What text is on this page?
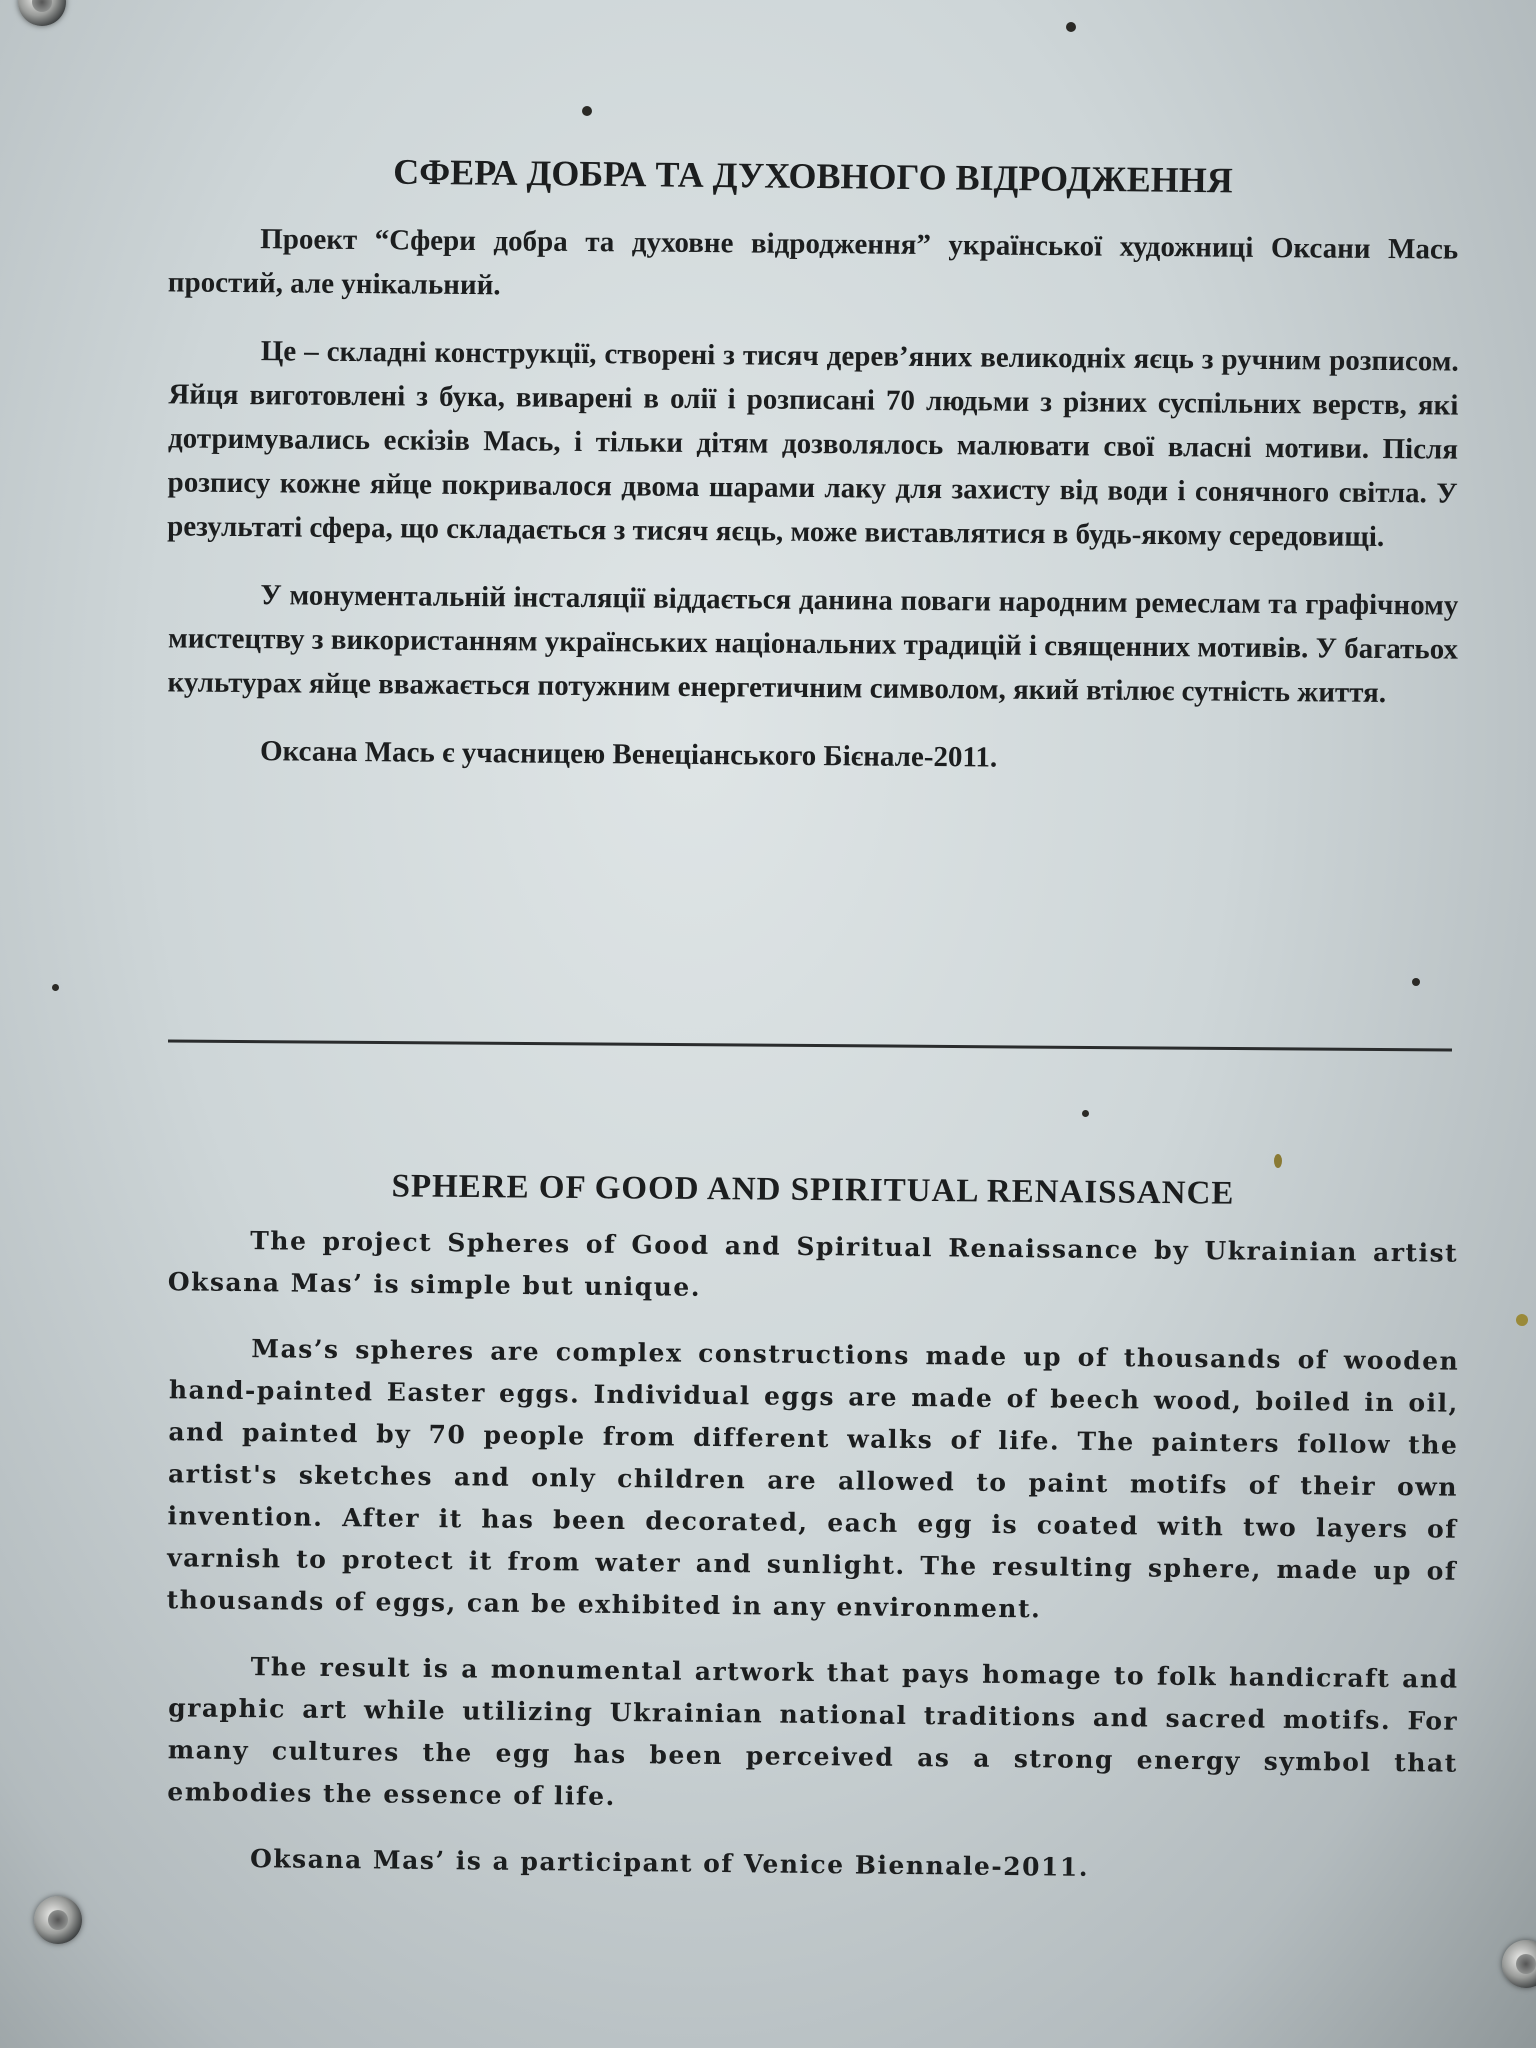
СФЕРА ДОБРА ТА ДУХОВНОГО ВІДРОДЖЕННЯ

Проект “Сфери добра та духовне відродження” української художниці Оксани Мась простий, але унікальний.

Це – складні конструкції, створені з тисяч дерев’яних великодніх яєць з ручним розписом. Яйця виготовлені з бука, виварені в олії і розписані 70 людьми з різних суспільних верств, які дотримувались ескізів Мась, і тільки дітям дозволялось малювати свої власні мотиви. Після розпису кожне яйце покривалося двома шарами лаку для захисту від води і сонячного світла. У результаті сфера, що складається з тисяч яєць, може виставлятися в будь-якому середовищі.

У монументальній інсталяції віддається данина поваги народним ремеслам та графічному мистецтву з використанням українських національних традицій і священних мотивів. У багатьох культурах яйце вважається потужним енергетичним символом, який втілює сутність життя.

Оксана Мась є учасницею Венеціанського Бієнале-2011.

SPHERE OF GOOD AND SPIRITUAL RENAISSANCE

The project Spheres of Good and Spiritual Renaissance by Ukrainian artist Oksana Mas’ is simple but unique.

Mas’s spheres are complex constructions made up of thousands of wooden hand-painted Easter eggs. Individual eggs are made of beech wood, boiled in oil, and painted by 70 people from different walks of life. The painters follow the artist's sketches and only children are allowed to paint motifs of their own invention. After it has been decorated, each egg is coated with two layers of varnish to protect it from water and sunlight. The resulting sphere, made up of thousands of eggs, can be exhibited in any environment.

The result is a monumental artwork that pays homage to folk handicraft and graphic art while utilizing Ukrainian national traditions and sacred motifs. For many cultures the egg has been perceived as a strong energy symbol that embodies the essence of life.

Oksana Mas’ is a participant of Venice Biennale-2011.
